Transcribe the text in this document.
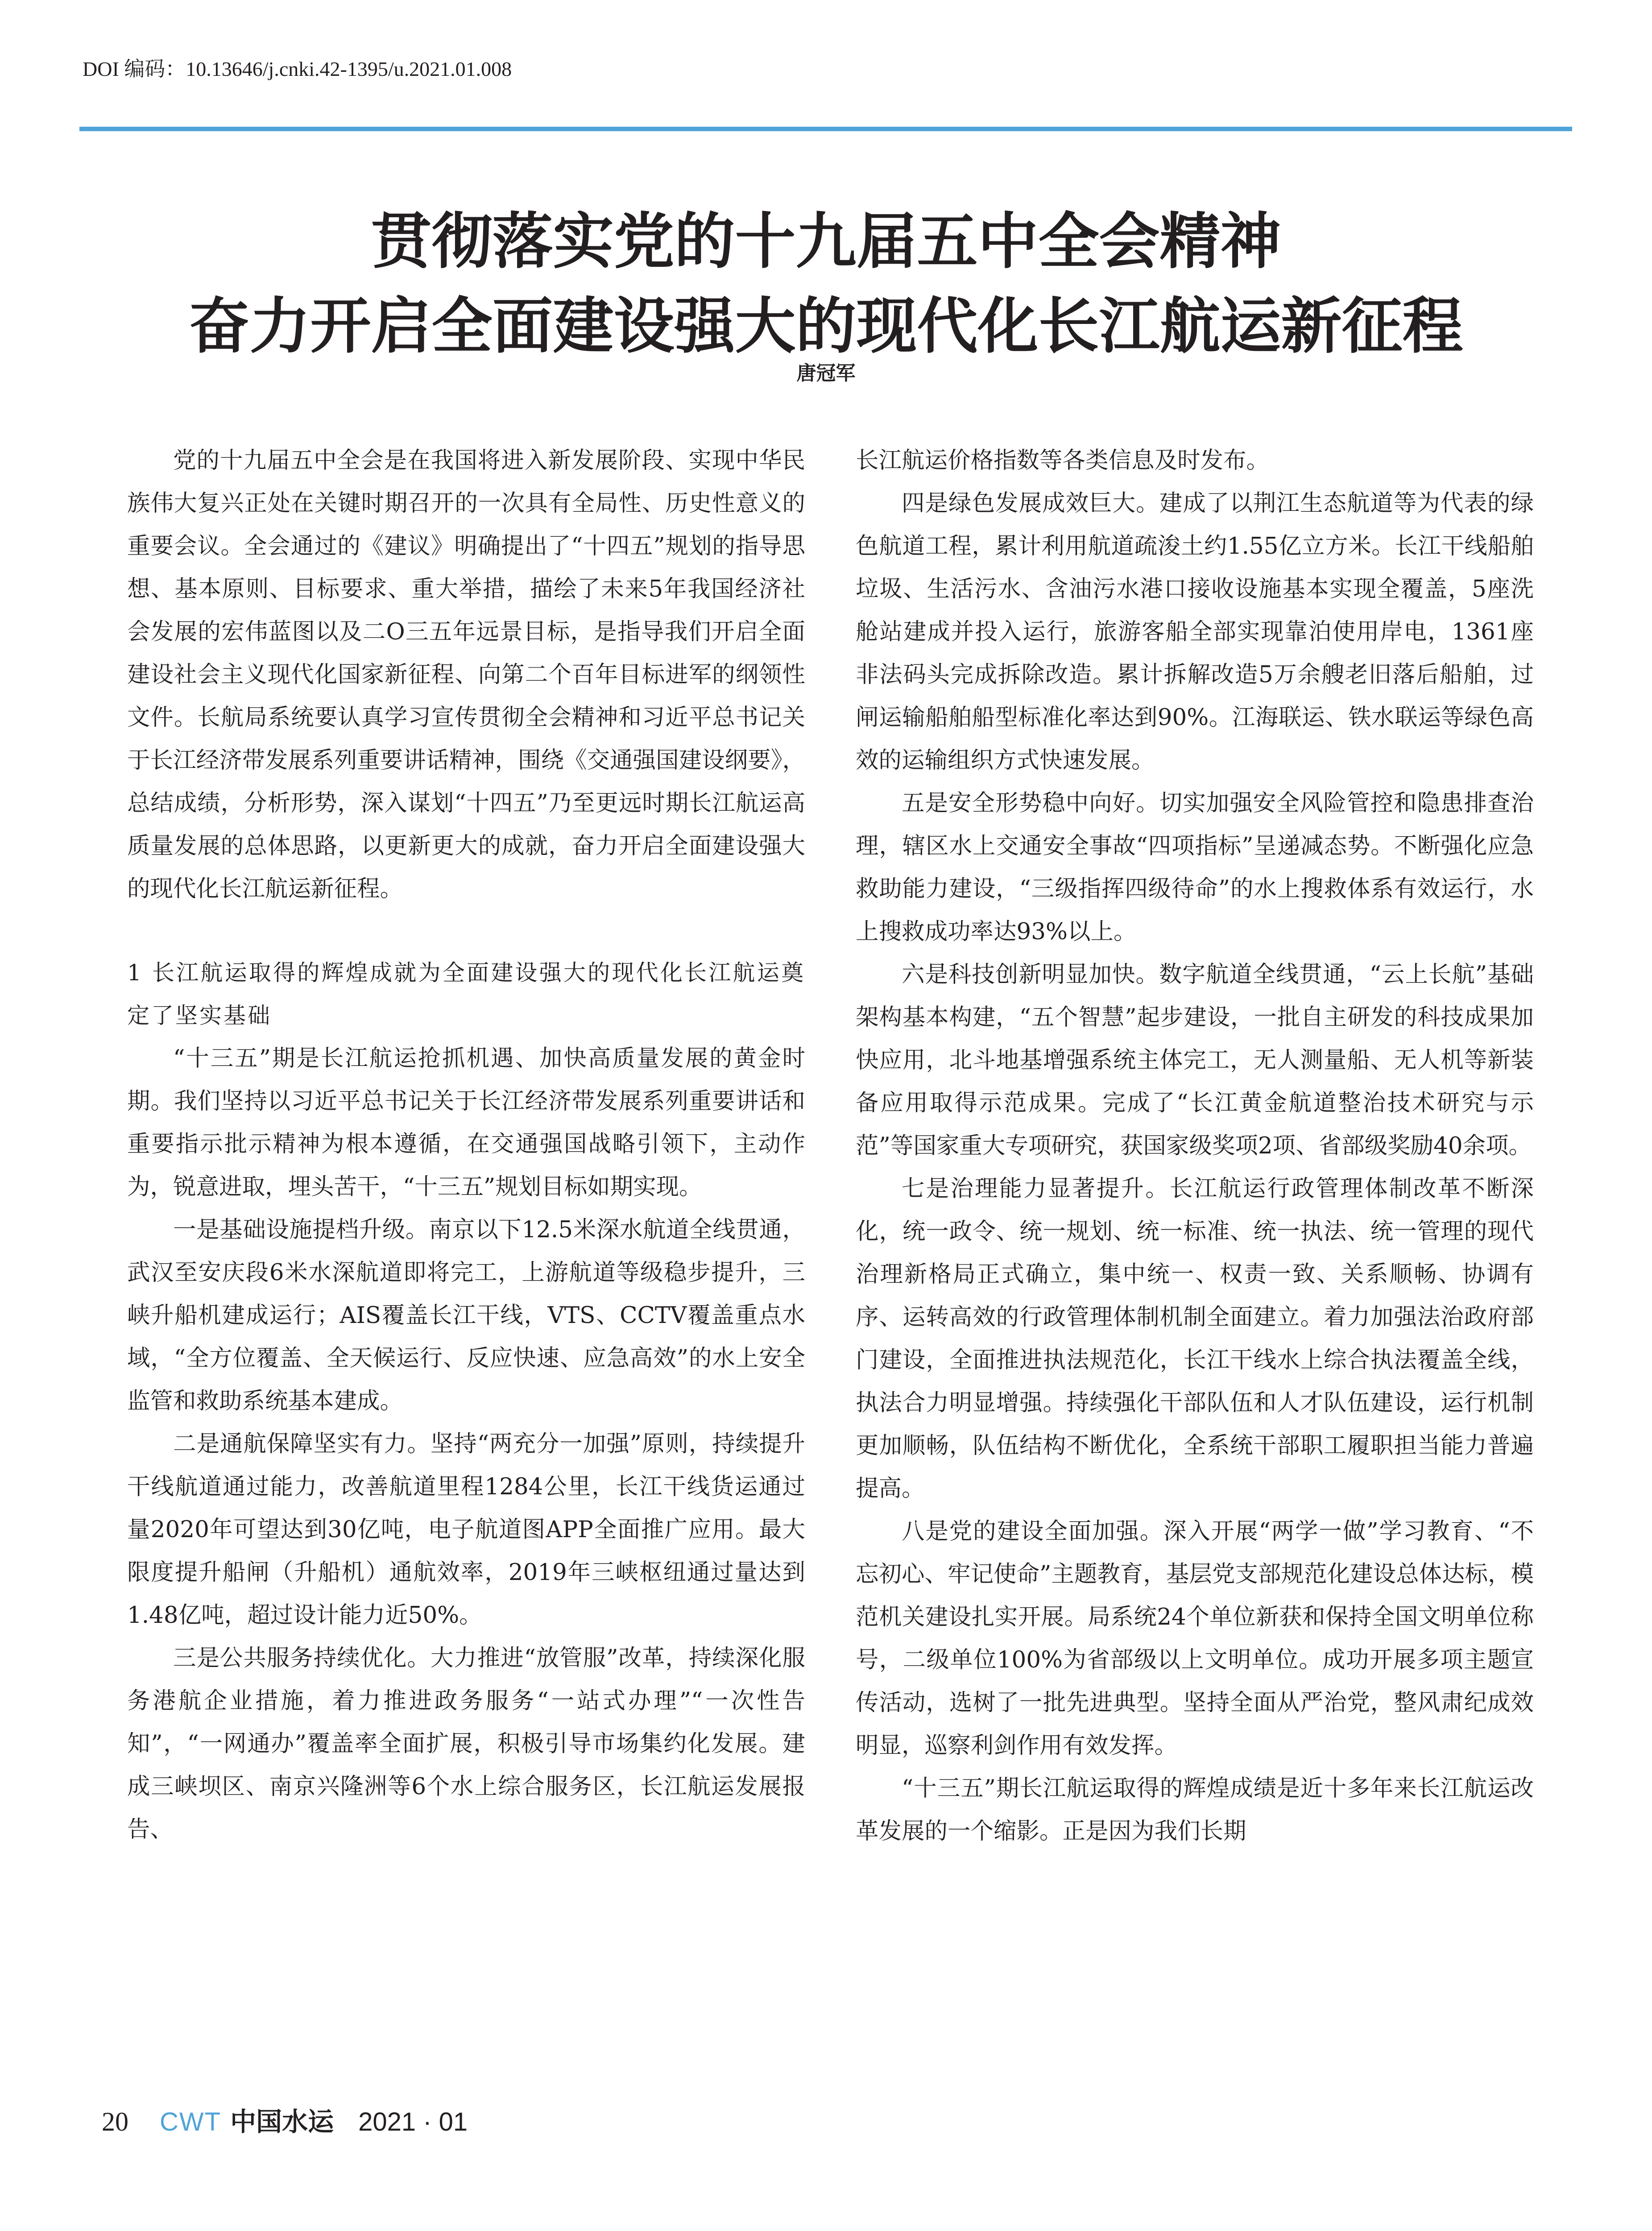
DOI 编码：10.13646/j.cnki.42-1395/u.2021.01.008
贯彻落实党的十九届五中全会精神
奋力开启全面建设强大的现代化长江航运新征程
唐冠军

党的十九届五中全会是在我国将进入新发展阶段、实现中华民族伟大复兴正处在关键时期召开的一次具有全局性、历史性意义的重要会议。全会通过的《建议》明确提出了“十四五”规划的指导思想、基本原则、目标要求、重大举措，描绘了未来5年我国经济社会发展的宏伟蓝图以及二O三五年远景目标，是指导我们开启全面建设社会主义现代化国家新征程、向第二个百年目标进军的纲领性文件。长航局系统要认真学习宣传贯彻全会精神和习近平总书记关于长江经济带发展系列重要讲话精神，围绕《交通强国建设纲要》，总结成绩，分析形势，深入谋划“十四五”乃至更远时期长江航运高质量发展的总体思路，以更新更大的成就，奋力开启全面建设强大的现代化长江航运新征程。

1 长江航运取得的辉煌成就为全面建设强大的现代化长江航运奠定了坚实基础

“十三五”期是长江航运抢抓机遇、加快高质量发展的黄金时期。我们坚持以习近平总书记关于长江经济带发展系列重要讲话和重要指示批示精神为根本遵循，在交通强国战略引领下，主动作为，锐意进取，埋头苦干，“十三五”规划目标如期实现。

一是基础设施提档升级。南京以下12.5米深水航道全线贯通，武汉至安庆段6米水深航道即将完工，上游航道等级稳步提升，三峡升船机建成运行；AIS覆盖长江干线，VTS、CCTV覆盖重点水域，“全方位覆盖、全天候运行、反应快速、应急高效”的水上安全监管和救助系统基本建成。

二是通航保障坚实有力。坚持“两充分一加强”原则，持续提升干线航道通过能力，改善航道里程1284公里，长江干线货运通过量2020年可望达到30亿吨，电子航道图APP全面推广应用。最大限度提升船闸（升船机）通航效率，2019年三峡枢纽通过量达到1.48亿吨，超过设计能力近50%。

三是公共服务持续优化。大力推进“放管服”改革，持续深化服务港航企业措施，着力推进政务服务“一站式办理”“一次性告知”，“一网通办”覆盖率全面扩展，积极引导市场集约化发展。建成三峡坝区、南京兴隆洲等6个水上综合服务区，长江航运发展报告、

长江航运价格指数等各类信息及时发布。

四是绿色发展成效巨大。建成了以荆江生态航道等为代表的绿色航道工程，累计利用航道疏浚土约1.55亿立方米。长江干线船舶垃圾、生活污水、含油污水港口接收设施基本实现全覆盖，5座洗舱站建成并投入运行，旅游客船全部实现靠泊使用岸电，1361座非法码头完成拆除改造。累计拆解改造5万余艘老旧落后船舶，过闸运输船舶船型标准化率达到90%。江海联运、铁水联运等绿色高效的运输组织方式快速发展。

五是安全形势稳中向好。切实加强安全风险管控和隐患排查治理，辖区水上交通安全事故“四项指标”呈递减态势。不断强化应急救助能力建设，“三级指挥四级待命”的水上搜救体系有效运行，水上搜救成功率达93%以上。

六是科技创新明显加快。数字航道全线贯通，“云上长航”基础架构基本构建，“五个智慧”起步建设，一批自主研发的科技成果加快应用，北斗地基增强系统主体完工，无人测量船、无人机等新装备应用取得示范成果。完成了“长江黄金航道整治技术研究与示范”等国家重大专项研究，获国家级奖项2项、省部级奖励40余项。

七是治理能力显著提升。长江航运行政管理体制改革不断深化，统一政令、统一规划、统一标准、统一执法、统一管理的现代治理新格局正式确立，集中统一、权责一致、关系顺畅、协调有序、运转高效的行政管理体制机制全面建立。着力加强法治政府部门建设，全面推进执法规范化，长江干线水上综合执法覆盖全线，执法合力明显增强。持续强化干部队伍和人才队伍建设，运行机制更加顺畅，队伍结构不断优化，全系统干部职工履职担当能力普遍提高。

八是党的建设全面加强。深入开展“两学一做”学习教育、“不忘初心、牢记使命”主题教育，基层党支部规范化建设总体达标，模范机关建设扎实开展。局系统24个单位新获和保持全国文明单位称号，二级单位100%为省部级以上文明单位。成功开展多项主题宣传活动，选树了一批先进典型。坚持全面从严治党，整风肃纪成效明显，巡察利剑作用有效发挥。

“十三五”期长江航运取得的辉煌成绩是近十多年来长江航运改革发展的一个缩影。正是因为我们长期

20 CWT 中国水运 2021 · 01
